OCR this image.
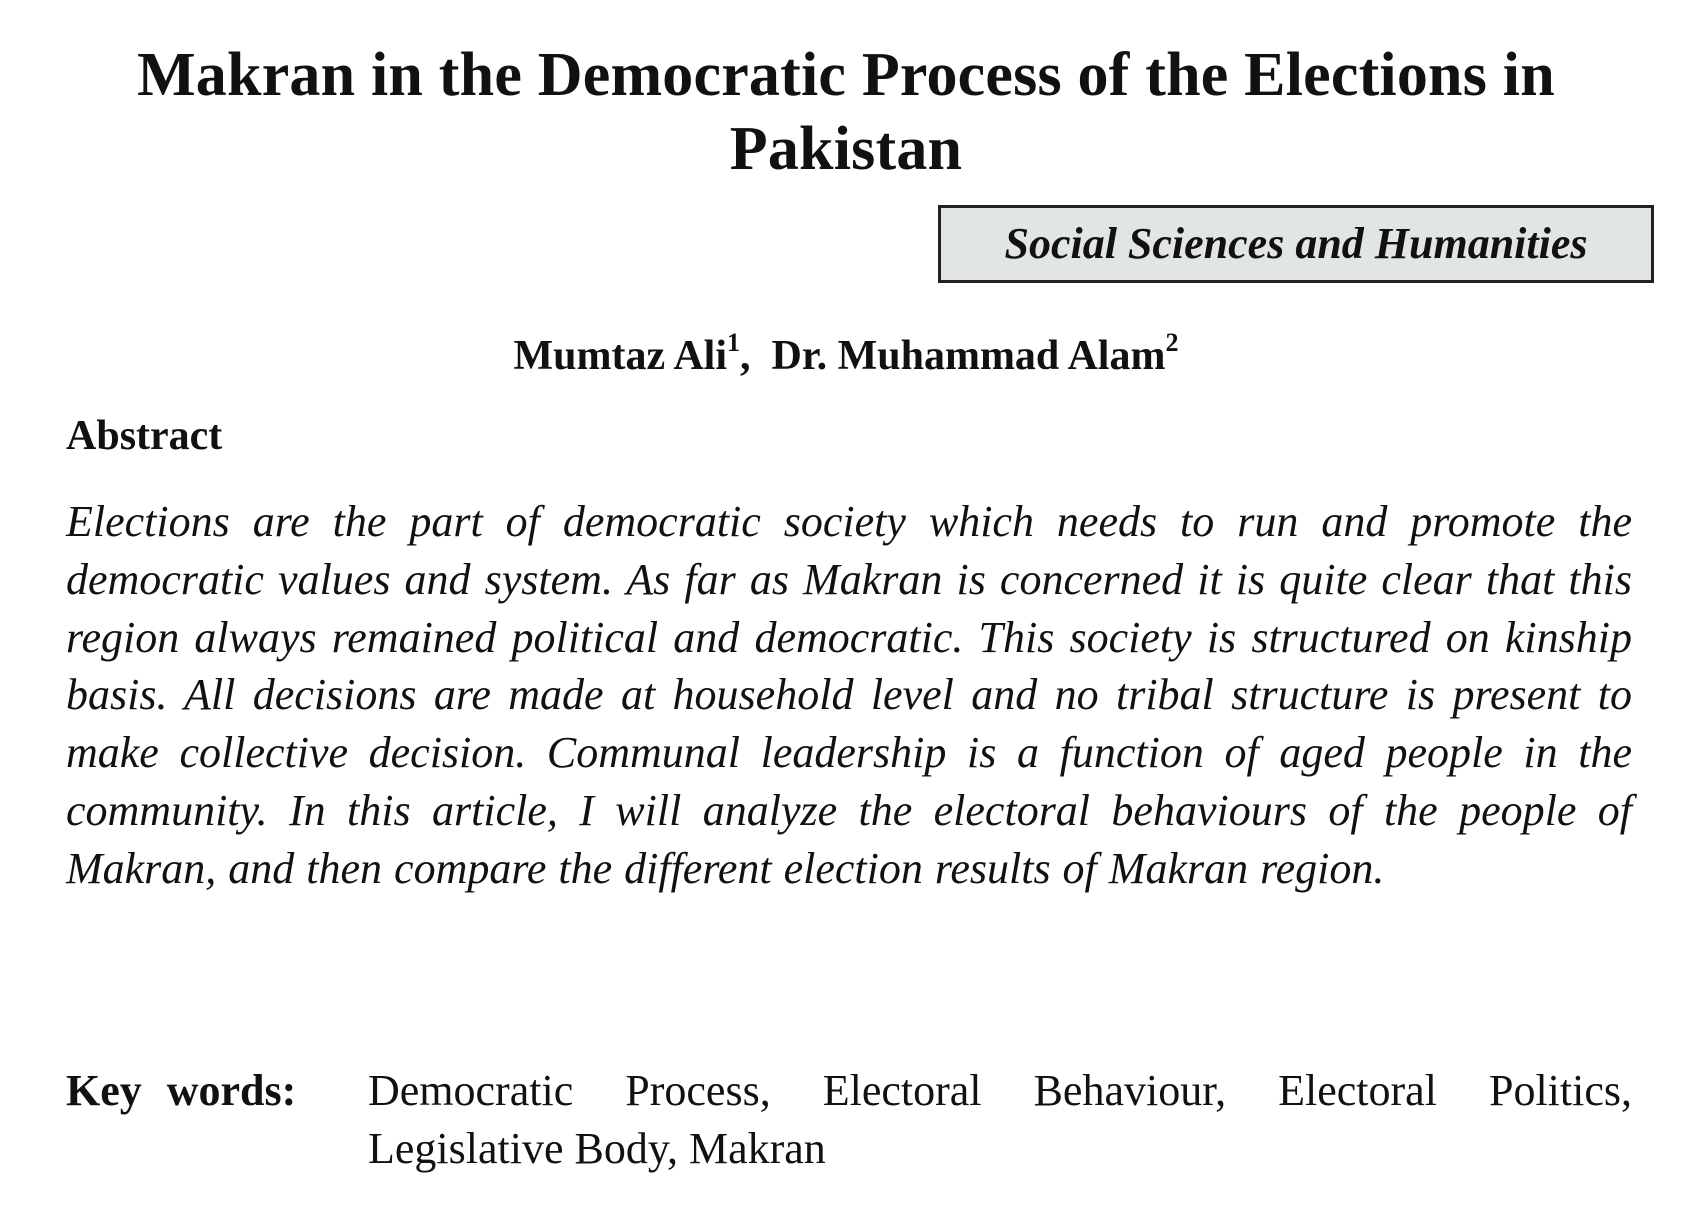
Makran in the Democratic Process of the Elections in Pakistan
Social Sciences and Humanities
Mumtaz Ali$^1$,  Dr. Muhammad Alam$^2$
Abstract

Elections are the part of democratic society which needs to run and promote the democratic values and system. As far as Makran is concerned it is quite clear that this region always remained political and democratic. This society is structured on kinship basis. All decisions are made at household level and no tribal structure is present to make collective decision. Communal leadership is a function of aged people in the community. In this article, I will analyze the electoral behaviours of the people of Makran, and then compare the different election results of Makran region.

Key words:	Democratic Process, Electoral Behaviour, Electoral Politics, Legislative Body, Makran
